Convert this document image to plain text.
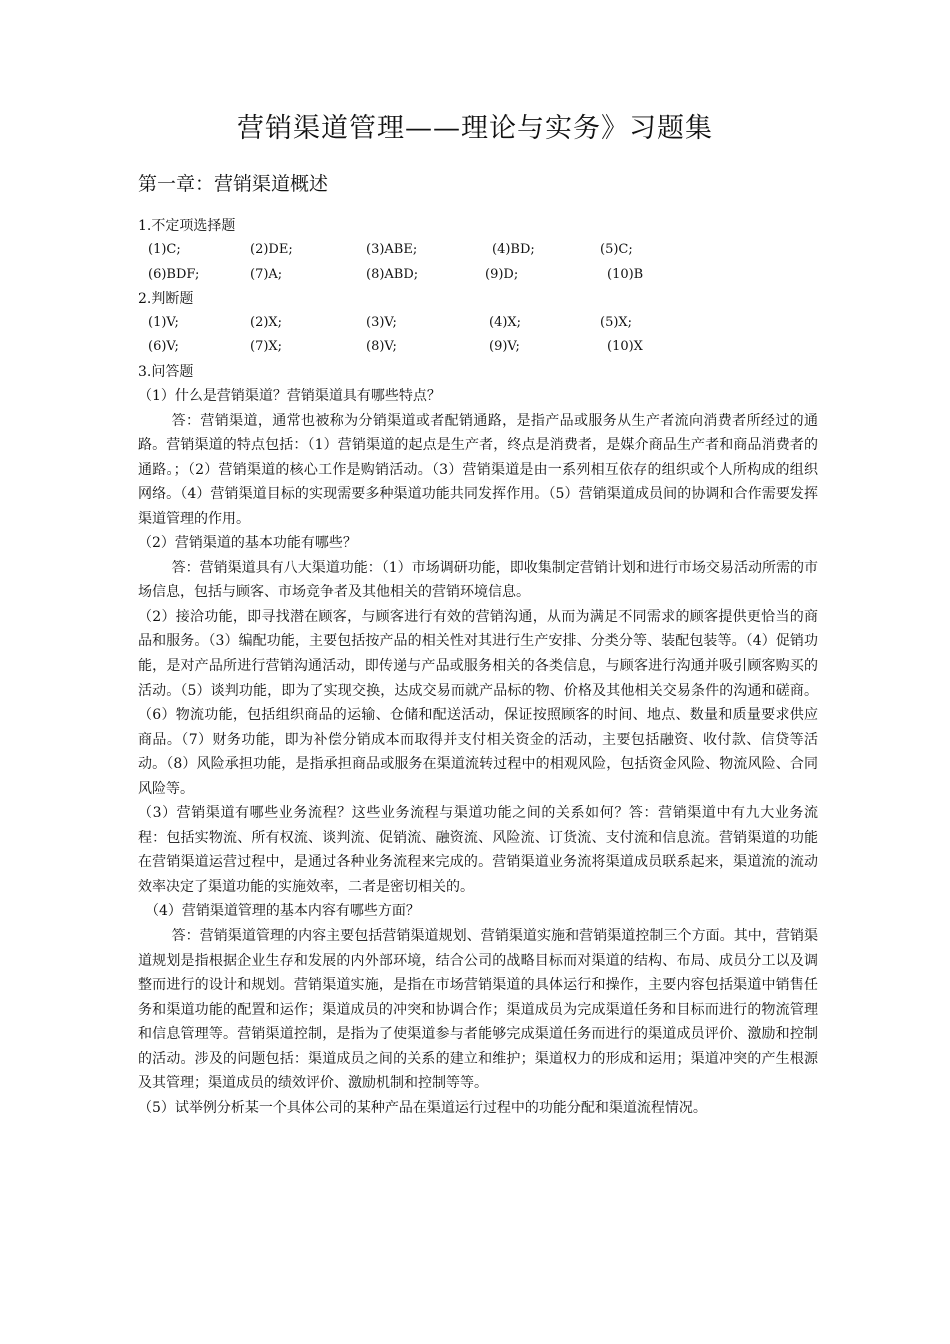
营销渠道管理——理论与实务》习题集
第一章：营销渠道概述
1.不定项选择题
(1)C;	(2)DE;	(3)ABE;	(4)BD;	(5)C;
(6)BDF;	(7)A;	(8)ABD;	(9)D;	(10)B
2.判断题
(1)V;	(2)X;	(3)V;	(4)X;	(5)X;
(6)V;	(7)X;	(8)V;	(9)V;	(10)X
3.问答题
（1）什么是营销渠道？营销渠道具有哪些特点？
答：营销渠道，通常也被称为分销渠道或者配销通路，是指产品或服务从生产者流向消费者所经过的通路。营销渠道的特点包括：（1）营销渠道的起点是生产者，终点是消费者，是媒介商品生产者和商品消费者的通路。；（2）营销渠道的核心工作是购销活动。（3）营销渠道是由一系列相互依存的组织或个人所构成的组织网络。（4）营销渠道目标的实现需要多种渠道功能共同发挥作用。（5）营销渠道成员间的协调和合作需要发挥渠道管理的作用。
（2）营销渠道的基本功能有哪些？
答：营销渠道具有八大渠道功能：（1）市场调研功能，即收集制定营销计划和进行市场交易活动所需的市场信息，包括与顾客、市场竞争者及其他相关的营销环境信息。
（2）接洽功能，即寻找潜在顾客，与顾客进行有效的营销沟通，从而为满足不同需求的顾客提供更恰当的商品和服务。（3）编配功能，主要包括按产品的相关性对其进行生产安排、分类分等、装配包装等。（4）促销功能，是对产品所进行营销沟通活动，即传递与产品或服务相关的各类信息，与顾客进行沟通并吸引顾客购买的活动。（5）谈判功能，即为了实现交换，达成交易而就产品标的物、价格及其他相关交易条件的沟通和磋商。（6）物流功能，包括组织商品的运输、仓储和配送活动，保证按照顾客的时间、地点、数量和质量要求供应商品。（7）财务功能，即为补偿分销成本而取得并支付相关资金的活动，主要包括融资、收付款、信贷等活动。（8）风险承担功能，是指承担商品或服务在渠道流转过程中的相观风险，包括资金风险、物流风险、合同风险等。
（3）营销渠道有哪些业务流程？这些业务流程与渠道功能之间的关系如何？答：营销渠道中有九大业务流程：包括实物流、所有权流、谈判流、促销流、融资流、风险流、订货流、支付流和信息流。营销渠道的功能在营销渠道运营过程中，是通过各种业务流程来完成的。营销渠道业务流将渠道成员联系起来，渠道流的流动效率决定了渠道功能的实施效率，二者是密切相关的。
（4）营销渠道管理的基本内容有哪些方面？
答：营销渠道管理的内容主要包括营销渠道规划、营销渠道实施和营销渠道控制三个方面。其中，营销渠道规划是指根据企业生存和发展的内外部环境，结合公司的战略目标而对渠道的结构、布局、成员分工以及调整而进行的设计和规划。营销渠道实施，是指在市场营销渠道的具体运行和操作，主要内容包括渠道中销售任务和渠道功能的配置和运作；渠道成员的冲突和协调合作；渠道成员为完成渠道任务和目标而进行的物流管理和信息管理等。营销渠道控制，是指为了使渠道参与者能够完成渠道任务而进行的渠道成员评价、激励和控制的活动。涉及的问题包括：渠道成员之间的关系的建立和维护；渠道权力的形成和运用；渠道冲突的产生根源及其管理；渠道成员的绩效评价、激励机制和控制等等。
（5）试举例分析某一个具体公司的某种产品在渠道运行过程中的功能分配和渠道流程情况。
